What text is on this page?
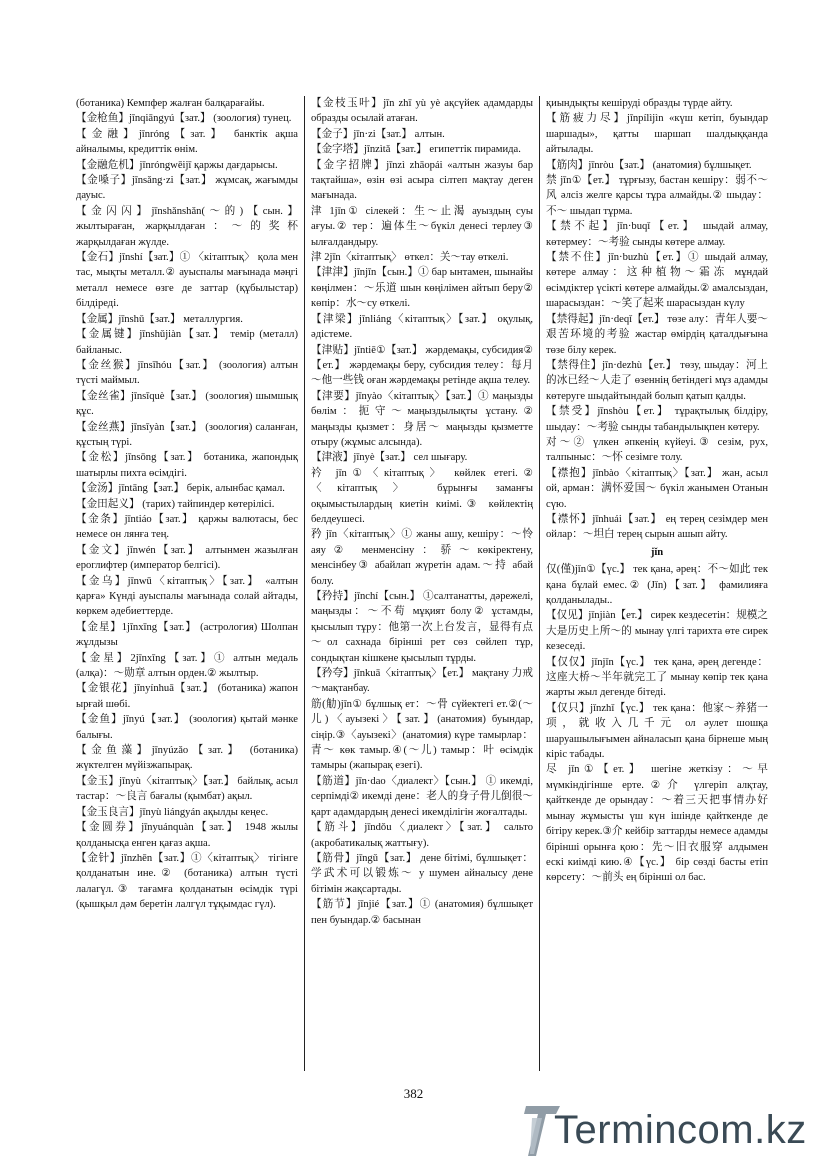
(ботаника) Кемпфер жалған балқарағайы.

【金枪鱼】jīnqiāngyú【зат.】 (зоология) тунец.

【金融】jīnróng【зат.】 банктік ақша айналымы, кредиттік өнім.

【金融危机】jīnróngwēijī қаржы дағдарысы.

【金嗓子】jīnsǎng·zi【зат.】 жұмсақ, жағымды дауыс.

【金闪闪】jīnshǎnshǎn(～的)【сын.】 жылтыраған, жарқылдаған：～的奖杯 жарқылдаған жүлде.

【金石】jīnshí【зат.】① 〈кітаптық〉 қола мен тас, мықты металл.② ауыспалы мағынада мәңгі металл немесе өзге де заттар (құбылыстар) білдіреді.

【金属】jīnshǔ【зат.】 металлургия.

【金属键】jīnshǔjiàn【зат.】 темір (металл) байланыс.

【金丝猴】jīnsīhóu【зат.】 (зоология) алтын түсті маймыл.

【金丝雀】jīnsīquè【зат.】 (зоология) шымшық құс.

【金丝燕】jīnsīyàn【зат.】 (зоология) саланған, құстың түрі.

【金松】jīnsōng【зат.】 ботаника, жапондық шатырлы пихта өсімдігі.

【金汤】jīntāng【зат.】 берік, алынбас қамал.

【金田起义】 (тарих) тайпиндер көтерілісі.

【金条】jīntiáo【зат.】 қаржы валютасы, бес немесе он лянға тең.

【金文】jīnwén【зат.】 алтынмен жазылған ероглифтер (император белгісі).

【金乌】jīnwū〈кітаптық〉【зат.】 «алтын қарға» Күнді ауыспалы мағынада солай айтады, көркем әдебиеттерде.

【金星】1jīnxīng【зат.】 (астрология) Шолпан жұлдызы

【金星】2jīnxīng【зат.】① алтын медаль (алқа)：～勋章 алтын орден.② жылтыр.

【金银花】jīnyínhuā【зат.】 (ботаника) жапон ырғай шөбі.

【金鱼】jīnyú【зат.】 (зоология) қытай мәнке балығы.

【金鱼藻】jīnyúzǎo【зат.】 (ботаника) жүктелген мүйізжапырақ.

【金玉】jīnyù〈кітаптық〉【зат.】 байлық, асыл тастар：～良言 бағалы (қымбат) ақыл.

【金玉良言】jīnyù liángyán ақылды кеңес.

【金圆券】jīnyuánquàn【зат.】 1948 жылы қолданысқа енген қағаз ақша.

【金针】jīnzhēn【зат.】①〈кітаптық〉 тігінге қолданатын ине.② (ботаника) алтын түсті лалагүл.③ тағамға қолданатын өсімдік түрі (қышқыл дәм беретін лалгүл тұқымдас гүл).

【金枝玉叶】jīn zhī yù yè ақсүйек адамдарды образды осылай атаған.

【金子】jīn·zi【зат.】 алтын.

【金字塔】jīnzìtǎ【зат.】 египеттік пирамида.

【金字招牌】jīnzì zhāopái «алтын жазуы бар тақтайша», өзін өзі асыра сілтеп мақтау деген мағынада.

津 1jīn① сілекей：生～止渴 ауыздың суы ағуы.② тер：遍体生～бүкіл денесі терлеу③ ылғалдандыру.

津 2jīn〈кітаптық〉 өткел：关～тау өткелі.

【津津】jīnjīn【сын.】① бар ынтамен, шынайы көңілмен：～乐道 шын көңілімен айтып беру② көпір：水～су өткелі.

【津梁】jīnliáng〈кітаптық〉【зат.】 оқулық, әдістеме.

【津贴】jīntiē①【зат.】 жәрдемақы, субсидия②【ет.】 жәрдемақы беру, субсидия телеу：每月～他一些钱 оған жәрдемақы ретінде ақша телеу.

【津要】jīnyào〈кітаптық〉【зат.】① маңызды бөлім：扼守～маңыздылықты ұстану.② маңызды қызмет：身居～ маңызды қызметте отыру (жұмыс алсында).

【津液】jīnyè【зат.】 сел шығару.

衿 jīn①〈кітаптық〉 көйлек етегі.②〈кітаптық〉 бұрынғы заманғы оқымыстылардың киетін киімі.③ көйлектің белдеушесі.

矜 jīn〈кітаптық〉① жаны ашу, кешіру：～怜 аяу② менменсіну：骄～көкіректену, менсінбеу③ абайлап жүретін адам.～持 абай болу.

【矜持】jīnchí【сын.】 ①салтанатты, дәрежелі, маңызды：～不苟 мұқият болу② ұстамды, қысылып тұру：他第一次上台发言，显得有点～ол сахнада бірінші рет сөз сөйлеп тұр, сондықтан кішкене қысылып тұрды.

【矜夸】jīnkuā〈кітаптық〉【ет.】 мақтану 力戒～мақтанбау.

筋(觔)jīn① бұлшық ет：～骨 сүйектегі ет.②(～儿)〈ауызекі〉【зат.】(анатомия) буындар, сіңір.③〈ауызекі〉(анатомия) күре тамырлар：青～ көк тамыр.④(～儿) тамыр：叶 өсімдік тамыры (жапырақ езегі).

【筋道】jīn·dao〈диалект〉【сын.】 ① икемді, серпімді② икемді дене：老人的身子骨儿倒很～ қарт адамдардың денесі икемділігін жоғалтады.

【筋斗】jīndǒu〈диалект〉【зат.】 сальто (акробатикалық жаттығу).

【筋骨】jīngǔ【зат.】 дене бітімі, бұлшықет：学武术可以锻炼～ у шумен айналысу дене бітімін жақсартады.

【筋节】jīnjié【зат.】① (анатомия) бұлшықет пен буындар.② басынан

қиындықты кешіруді образды түрде айту.

【筋疲力尽】jīnpílìjìn «күш кетіп, буындар шаршады», қатты шаршап шалдыққанда айтылады.

【筋肉】jīnròu【зат.】 (анатомия) бұлшықет.

禁 jīn①【ет.】 тұрғызу, бастан кешіру：弱不～风 әлсіз желге қарсы тұра алмайды.② шыдау：不～ шыдап тұрма.

【禁不起】jīn·buqǐ【ет.】 шыдай алмау, көтермеу：～考验 сынды көтере алмау.

【禁不住】jīn·buzhù【ет.】① шыдай алмау, көтере алмау：这种植物～霜冻 мұндай өсімдіктер үсікті көтере алмайды.② амалсыздан, шарасыздан：～笑了起来 шарасыздан күлу

【禁得起】jīn·deqǐ【ет.】 төзе алу：青年人要～艰苦环境的考验 жастар өмірдің қаталдығына төзе білу керек.

【禁得住】jīn·dezhù【ет.】 төзу, шыдау：河上的冰已经～人走了 өзеннің бетіндегі мұз адамды көтеруге шыдайтындай болып қатып қалды.

【禁受】jīnshòu【ет.】 тұрақтылық білдіру, шыдау：～考验 сынды табандылықпен көтеру.

对～② үлкен әпкенің күйеуі.③ сезім, рух, талпыныс：～怀 сезімге толу.

【襟抱】jīnbào〈кітаптық〉【зат.】 жан, асыл ой, арман：满怀爱国～ бүкіл жанымен Отанын сүю.

【襟怀】jīnhuái【зат.】 ең терең сезімдер мен ойлар：～坦白 терең сырын ашып айту.

jǐn

仅(僅)jǐn①【үс.】 тек қана, әрең：不～如此 тек қана бұлай емес.② (Jǐn)【зат.】 фамилияға қолданылады..

【仅见】jǐnjiàn【ет.】 сирек кездесетін：规模之大是历史上所～的 мынау үлгі тарихта өте сирек кезеседі.

【仅仅】jǐnjǐn【үс.】 тек қана, әрең дегенде：这座大桥～半年就完工了 мынау көпір тек қана жарты жыл дегенде бітеді.

【仅只】jǐnzhǐ【үс.】 тек қана：他家～养猪一项，就收入几千元 ол әулет шошқа шаруашылығымен айналасып қана бірнеше мың кіріс табады.

尽 jǐn①【ет.】 шегіне жеткізу：～早 мүмкіндігінше ерте.②介 үлгеріп алқтау, қайткенде де орындау：～着三天把事情办好 мынау жұмысты үш күн ішінде қайткенде де бітіру керек.③介 кейбір заттарды немесе адамды бірінші орынға қою：先～旧衣服穿 алдымен ескі киімді кию.④【үс.】 бір сөзді басты етіп көрсету：～前头 ең бірінші ол бас.

382
Termincom.kz
